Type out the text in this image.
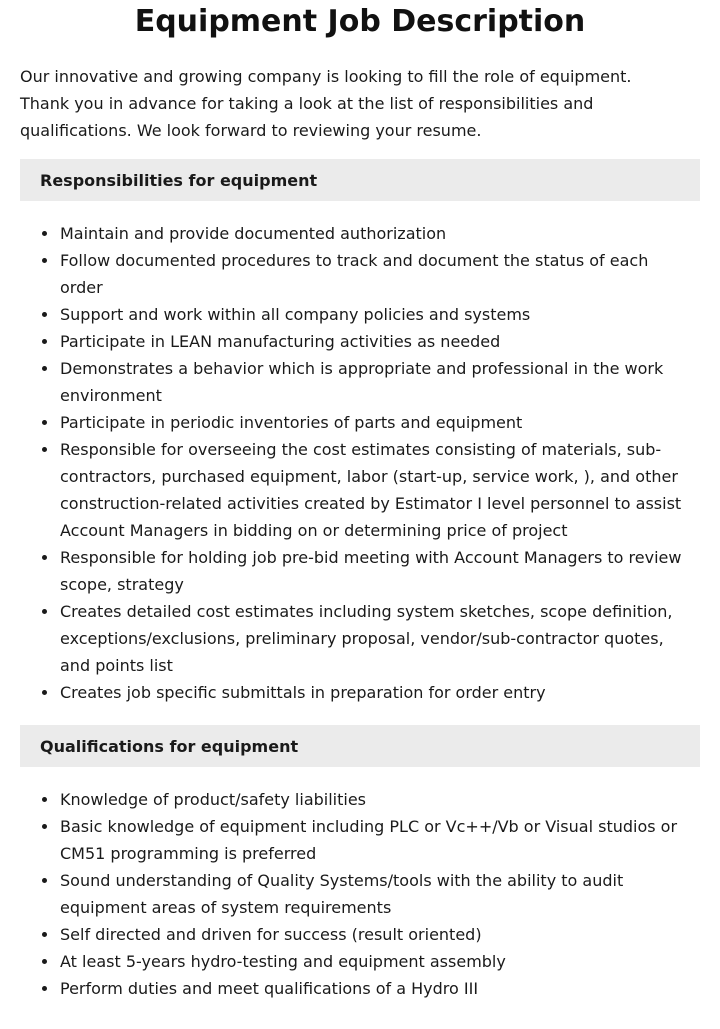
Equipment Job Description

Our innovative and growing company is looking to fill the role of equipment. Thank you in advance for taking a look at the list of responsibilities and qualifications. We look forward to reviewing your resume.

Responsibilities for equipment
Maintain and provide documented authorization
Follow documented procedures to track and document the status of each order
Support and work within all company policies and systems
Participate in LEAN manufacturing activities as needed
Demonstrates a behavior which is appropriate and professional in the work environment
Participate in periodic inventories of parts and equipment
Responsible for overseeing the cost estimates consisting of materials, sub-contractors, purchased equipment, labor (start-up, service work, ), and other construction-related activities created by Estimator I level personnel to assist Account Managers in bidding on or determining price of project
Responsible for holding job pre-bid meeting with Account Managers to review scope, strategy
Creates detailed cost estimates including system sketches, scope definition, exceptions/exclusions, preliminary proposal, vendor/sub-contractor quotes, and points list
Creates job specific submittals in preparation for order entry
Qualifications for equipment
Knowledge of product/safety liabilities
Basic knowledge of equipment including PLC or Vc++/Vb or Visual studios or CM51 programming is preferred
Sound understanding of Quality Systems/tools with the ability to audit equipment areas of system requirements
Self directed and driven for success (result oriented)
At least 5-years hydro-testing and equipment assembly
Perform duties and meet qualifications of a Hydro III
